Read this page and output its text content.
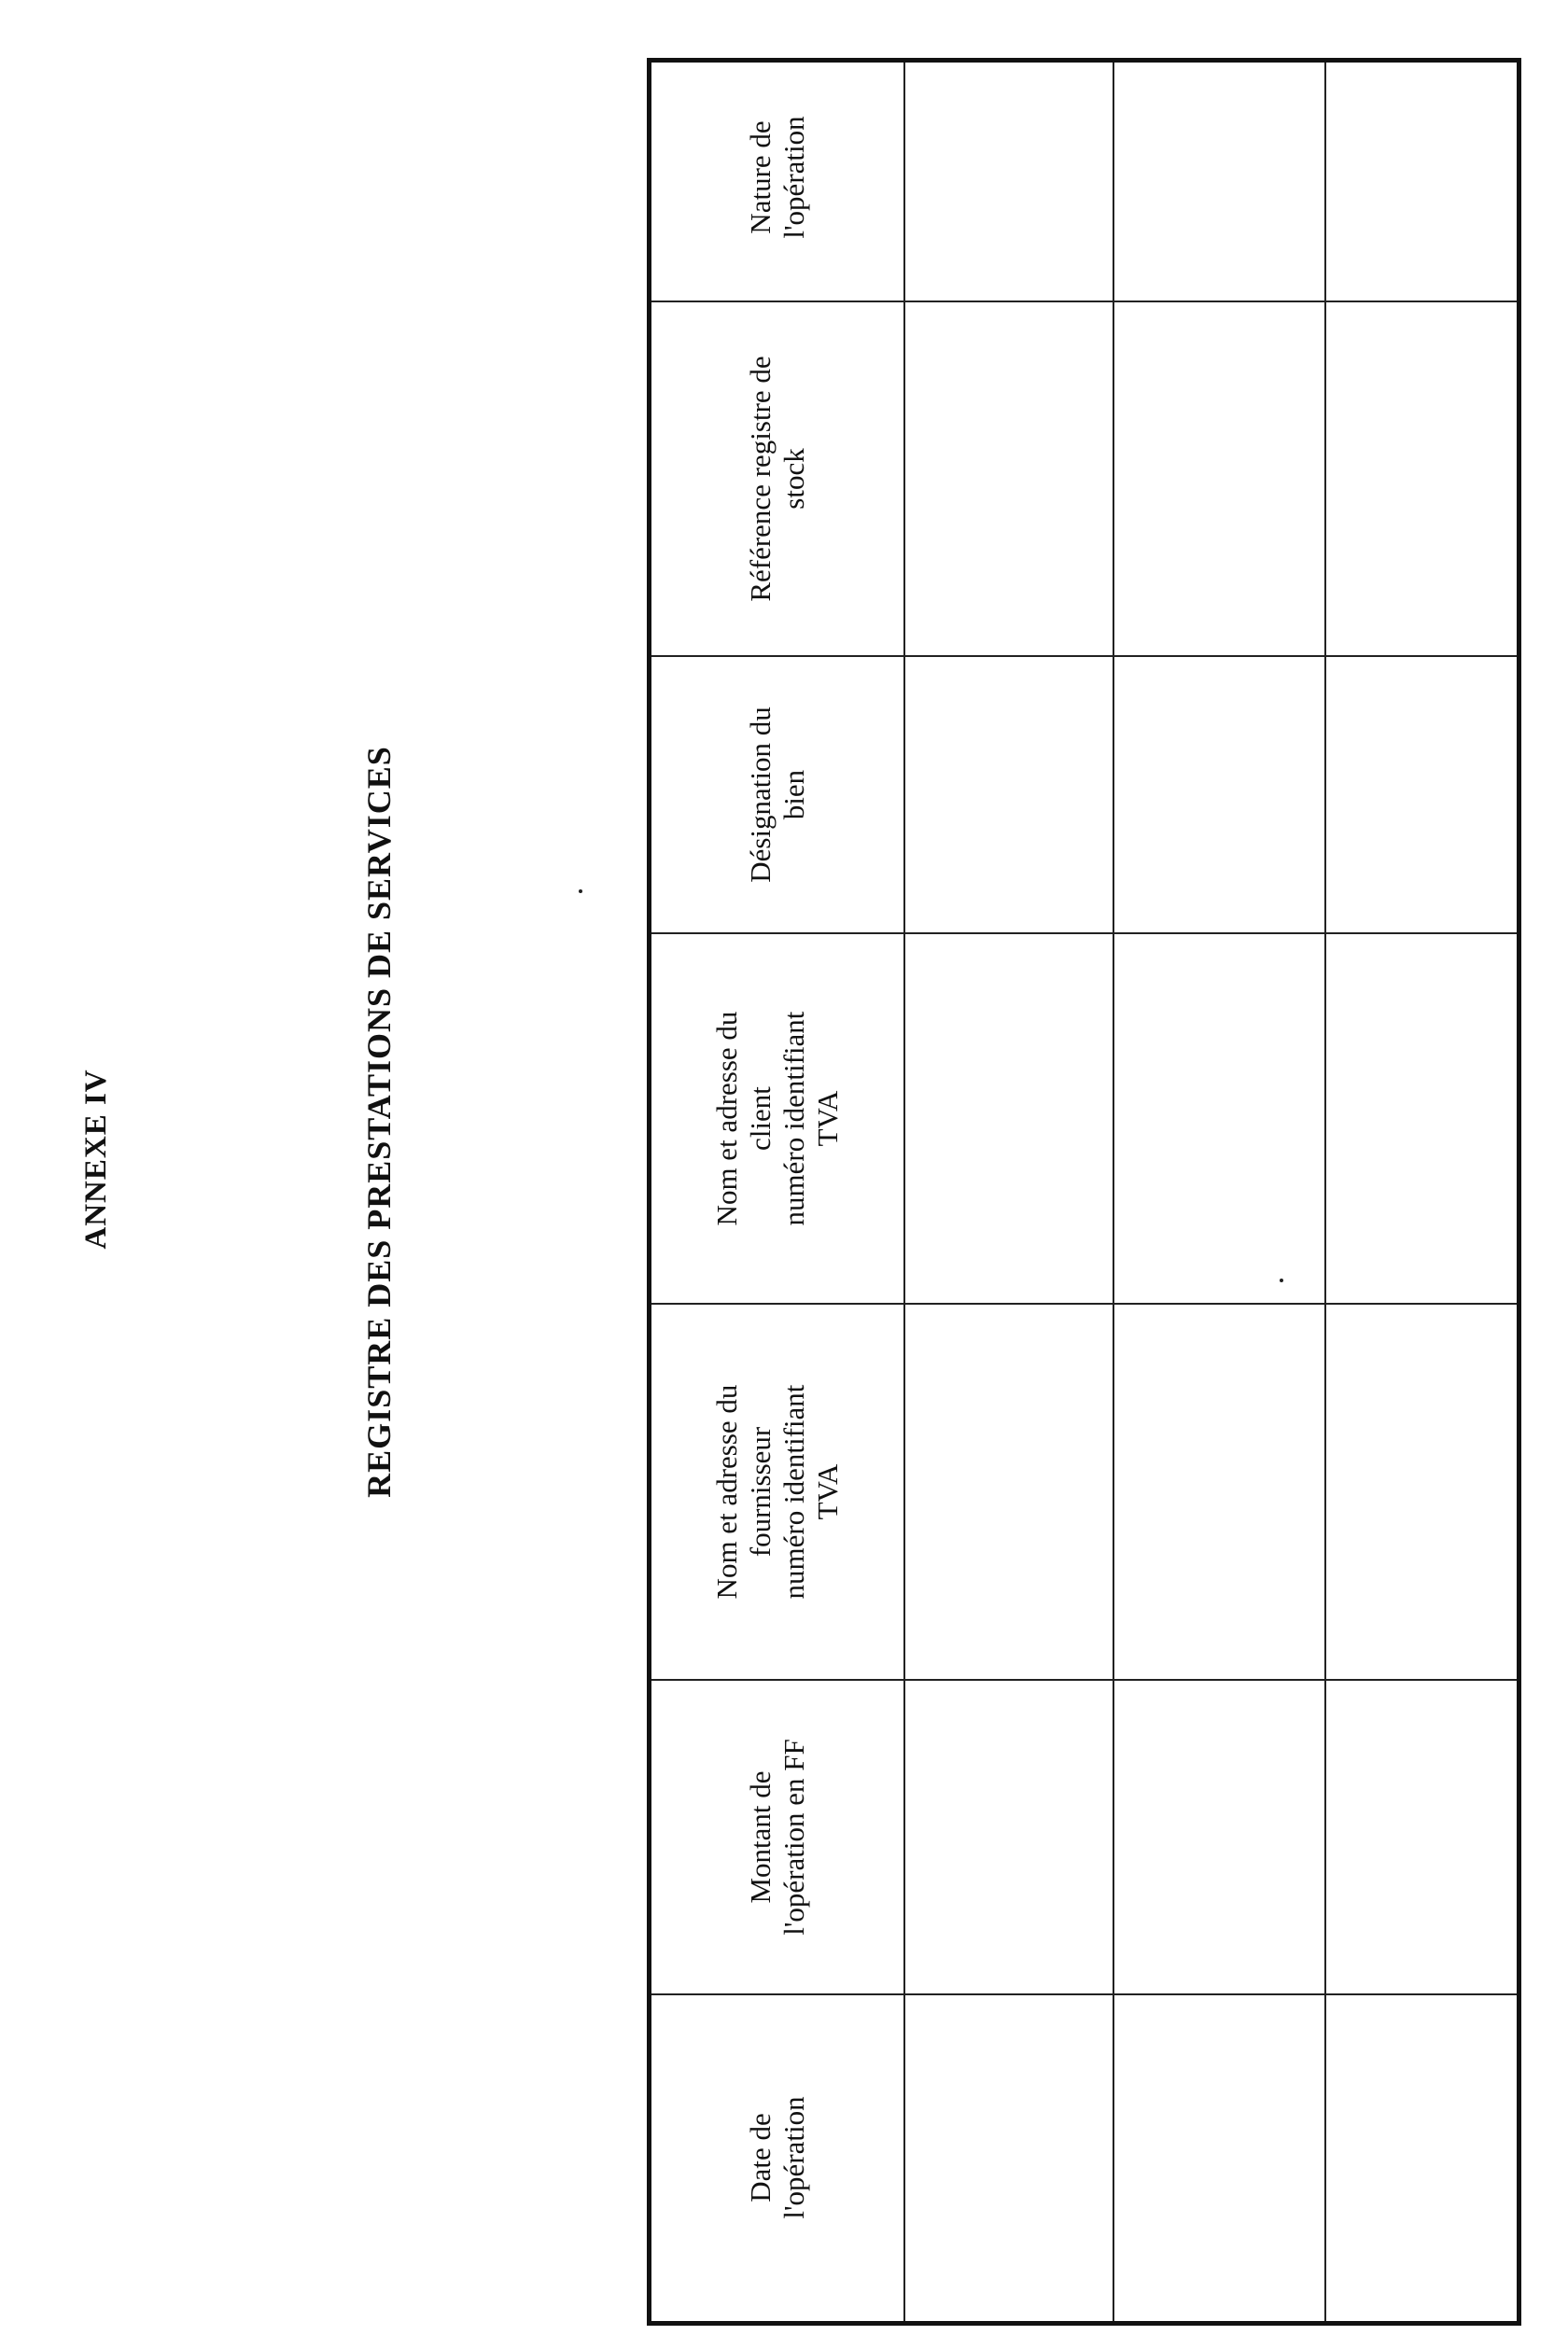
ANNEXE IV	REGISTRE DES PRESTATIONS DE SERVICES
Date de
l'opération
Montant de
l'opération en FF
Nom et adresse du
fournisseur
numéro identifiant
TVA
Nom et adresse du
client
numéro identifiant
TVA
Désignation du
bien
Référence registre de
stock
Nature de
l'opération
